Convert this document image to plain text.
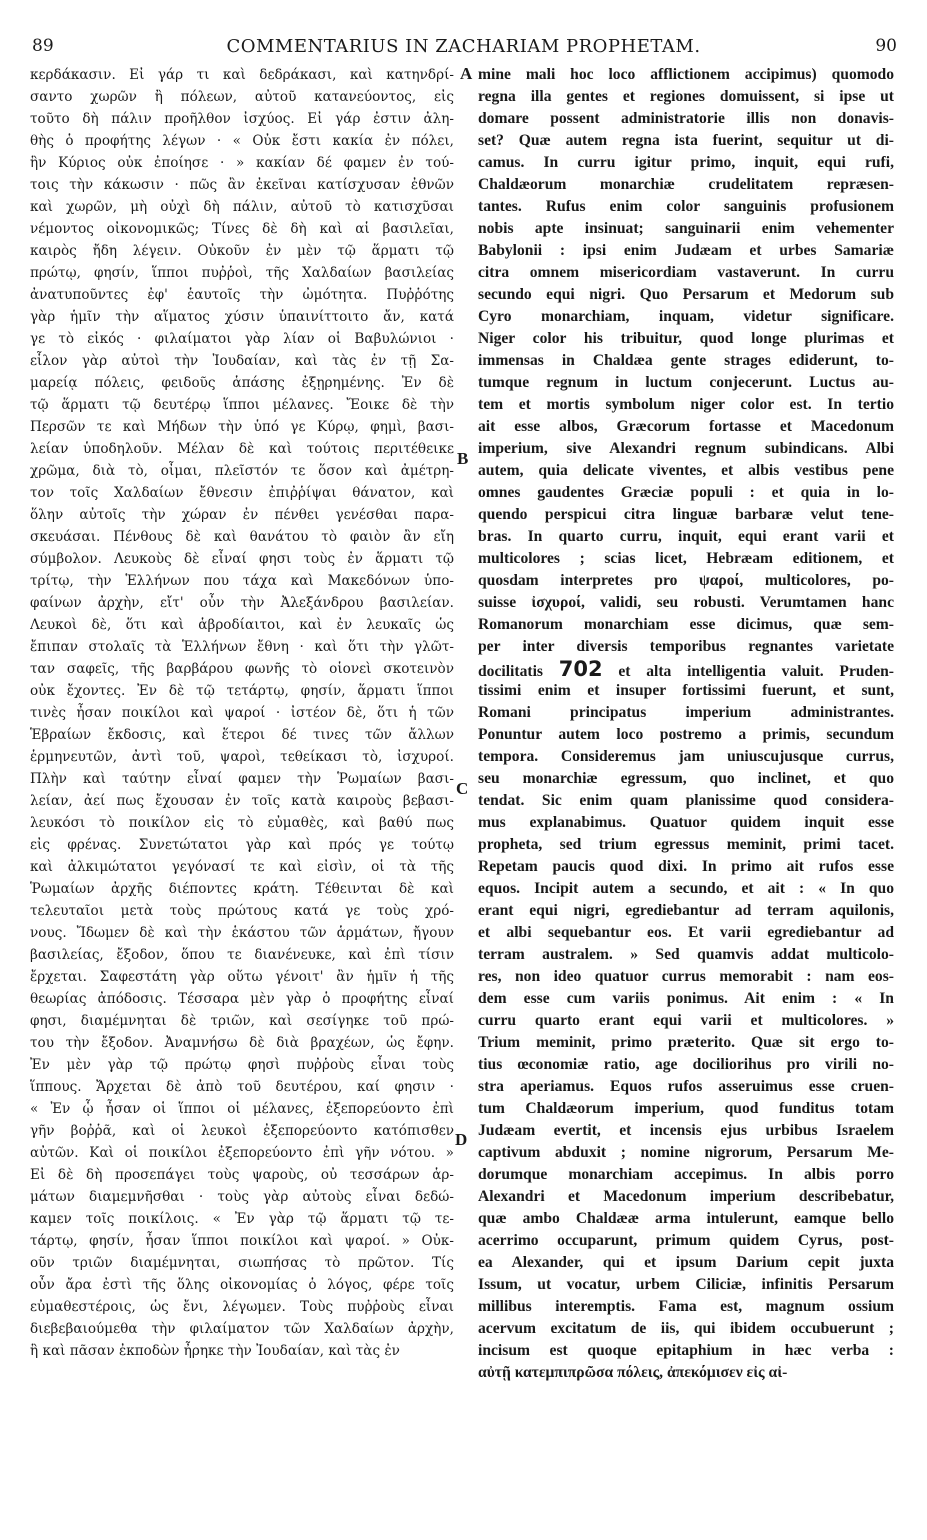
89	COMMENTARIUS IN ZACHARIAM PROPHETAM.	90
κερδάκασιν. Εἰ γάρ τι καὶ δεδράκασι, καὶ κατηνδρί-
σαντο χωρῶν ἢ πόλεων, αὐτοῦ κατανεύοντος, εἰς
τοῦτο δὴ πάλιν προῆλθον ἰσχύος. Εἰ γάρ ἐστιν ἀλη-
θὴς ὁ προφήτης λέγων · « Οὐκ ἔστι κακία ἐν πόλει,
ἣν Κύριος οὐκ ἐποίησε · » κακίαν δέ φαμεν ἐν τού-
τοις τὴν κάκωσιν · πῶς ἂν ἐκεῖναι κατίσχυσαν ἐθνῶν
καὶ χωρῶν, μὴ οὐχὶ δὴ πάλιν, αὐτοῦ τὸ κατισχῦσαι
νέμοντος οἰκονομικῶς; Τίνες δὲ δὴ καὶ αἱ βασιλεῖαι,
καιρὸς ἤδη λέγειν. Οὐκοῦν ἐν μὲν τῷ ἅρματι τῷ
πρώτῳ, φησίν, ἵπποι πυῤῥοὶ, τῆς Χαλδαίων βασιλείας
ἀνατυποῦντες ἐφ' ἑαυτοῖς τὴν ὠμότητα. Πυῤῥότης
γὰρ ἡμῖν τὴν αἵματος χύσιν ὑπαινίττοιτο ἄν, κατά
γε τὸ εἰκός · φιλαίματοι γὰρ λίαν οἱ Βαβυλώνιοι ·
εἷλον γὰρ αὐτοὶ τὴν Ἰουδαίαν, καὶ τὰς ἐν τῇ Σα-
μαρείᾳ πόλεις, φειδοῦς ἁπάσης ἐξῃρημένης. Ἐν δὲ
τῷ ἅρματι τῷ δευτέρῳ ἵπποι μέλανες. Ἔοικε δὲ τὴν
Περσῶν τε καὶ Μήδων τὴν ὑπό γε Κύρῳ, φημὶ, βασι-
λείαν ὑποδηλοῦν. Μέλαν δὲ καὶ τούτοις περιτέθεικε
χρῶμα, διὰ τὸ, οἶμαι, πλεῖστόν τε ὅσον καὶ ἀμέτρη-
τον τοῖς Χαλδαίων ἔθνεσιν ἐπιῤῥίψαι θάνατον, καὶ
ὅλην αὐτοῖς τὴν χώραν ἐν πένθει γενέσθαι παρα-
σκευάσαι. Πένθους δὲ καὶ θανάτου τὸ φαιὸν ἂν εἴη
σύμβολον. Λευκοὺς δὲ εἶναί φησι τοὺς ἐν ἅρματι τῷ
τρίτῳ, τὴν Ἑλλήνων που τάχα καὶ Μακεδόνων ὑπο-
φαίνων ἀρχὴν, εἴτ' οὖν τὴν Ἀλεξάνδρου βασιλείαν.
Λευκοὶ δὲ, ὅτι καὶ ἁβροδίαιτοι, καὶ ἐν λευκαῖς ὡς
ἔπιπαν στολαῖς τὰ Ἑλλήνων ἔθνη · καὶ ὅτι τὴν γλῶτ-
ταν σαφεῖς, τῆς βαρβάρου φωνῆς τὸ οἱονεὶ σκοτεινὸν
οὐκ ἔχοντες. Ἐν δὲ τῷ τετάρτῳ, φησίν, ἅρματι ἵπποι
τινὲς ἦσαν ποικίλοι καὶ ψαροί · ἰστέον δὲ, ὅτι ἡ τῶν
Ἑβραίων ἔκδοσις, καὶ ἕτεροι δέ τινες τῶν ἄλλων
ἑρμηνευτῶν, ἀντὶ τοῦ, ψαροὶ, τεθείκασι τὸ, ἰσχυροί.
Πλὴν καὶ ταύτην εἶναί φαμεν τὴν Ῥωμαίων βασι-
λείαν, ἀεί πως ἔχουσαν ἐν τοῖς κατὰ καιροὺς βεβασι-
λευκόσι τὸ ποικίλον εἰς τὸ εὐμαθὲς, καὶ βαθύ πως
εἰς φρένας. Συνετώτατοι γὰρ καὶ πρός γε τούτῳ
καὶ ἀλκιμώτατοι γεγόνασί τε καὶ εἰσὶν, οἱ τὰ τῆς
Ῥωμαίων ἀρχῆς διέποντες κράτη. Τέθεινται δὲ καὶ
τελευταῖοι μετὰ τοὺς πρώτους κατά γε τοὺς χρό-
νους. Ἴδωμεν δὲ καὶ τὴν ἑκάστου τῶν ἁρμάτων, ἤγουν
βασιλείας, ἔξοδον, ὅπου τε διανένευκε, καὶ ἐπὶ τίσιν
ἔρχεται. Σαφεστάτη γὰρ οὕτω γένοιτ' ἂν ἡμῖν ἡ τῆς
θεωρίας ἀπόδοσις. Τέσσαρα μὲν γὰρ ὁ προφήτης εἶναί
φησι, διαμέμνηται δὲ τριῶν, καὶ σεσίγηκε τοῦ πρώ-
του τὴν ἔξοδον. Ἀναμνήσω δὲ διὰ βραχέων, ὡς ἔφην.
Ἐν μὲν γὰρ τῷ πρώτῳ φησὶ πυῤῥοὺς εἶναι τοὺς
ἵππους. Ἄρχεται δὲ ἀπὸ τοῦ δευτέρου, καί φησιν ·
« Ἐν ᾧ ἦσαν οἱ ἵπποι οἱ μέλανες, ἐξεπορεύοντο ἐπὶ
γῆν βοῤῥᾶ, καὶ οἱ λευκοὶ ἐξεπορεύοντο κατόπισθεν
αὐτῶν. Καὶ οἱ ποικίλοι ἐξεπορεύοντο ἐπὶ γῆν νότου. »
Εἰ δὲ δὴ προσεπάγει τοὺς ψαροὺς, οὐ τεσσάρων ἁρ-
μάτων διαμεμνῆσθαι · τοὺς γὰρ αὐτοὺς εἶναι δεδώ-
καμεν τοῖς ποικίλοις. « Ἐν γὰρ τῷ ἅρματι τῷ τε-
τάρτῳ, φησίν, ἦσαν ἵπποι ποικίλοι καὶ ψαροί. » Οὐκ-
οῦν τριῶν διαμέμνηται, σιωπήσας τὸ πρῶτον. Τίς
οὖν ἄρα ἐστὶ τῆς ὅλης οἰκονομίας ὁ λόγος, φέρε τοῖς
εὐμαθεστέροις, ὡς ἔνι, λέγωμεν. Τοὺς πυῤῥοὺς εἶναι
διεβεβαιούμεθα τὴν φιλαίματον τῶν Χαλδαίων ἀρχὴν,
ἣ καὶ πᾶσαν ἐκποδὼν ἦρηκε τὴν Ἰουδαίαν, καὶ τὰς ἐν
mine mali hoc loco afflictionem accipimus) quomodo
regna illa gentes et regiones domuissent, si ipse ut
domare possent administratorie illis non donavis-
set? Quæ autem regna ista fuerint, sequitur ut di-
camus. In curru igitur primo, inquit, equi rufi,
Chaldæorum monarchiæ crudelitatem repræsen-
tantes. Rufus enim color sanguinis profusionem
nobis apte insinuat; sanguinarii enim vehementer
Babylonii : ipsi enim Judæam et urbes Samariæ
citra omnem misericordiam vastaverunt. In curru
secundo equi nigri. Quo Persarum et Medorum sub
Cyro monarchiam, inquam, videtur significare.
Niger color his tribuitur, quod longe plurimas et
immensas in Chaldæa gente strages ediderunt, to-
tumque regnum in luctum conjecerunt. Luctus au-
tem et mortis symbolum niger color est. In tertio
ait esse albos, Græcorum fortasse et Macedonum
imperium, sive Alexandri regnum subindicans. Albi
autem, quia delicate viventes, et albis vestibus pene
omnes gaudentes Græciæ populi : et quia in lo-
quendo perspicui citra linguæ barbaræ velut tene-
bras. In quarto curru, inquit, equi erant varii et
multicolores ; scias licet, Hebræam editionem, et
quosdam interpretes pro ψαροί, multicolores, po-
suisse ἰσχυροί, validi, seu robusti. Verumtamen hanc
Romanorum monarchiam esse dicimus, quæ sem-
per inter diversis temporibus regnantes varietate
docilitatis 702 et alta intelligentia valuit. Pruden-
tissimi enim et insuper fortissimi fuerunt, et sunt,
Romani principatus imperium administrantes.
Ponuntur autem loco postremo a primis, secundum
tempora. Consideremus jam uniuscujusque currus,
seu monarchiæ egressum, quo inclinet, et quo
tendat. Sic enim quam planissime quod considera-
mus explanabimus. Quatuor quidem inquit esse
propheta, sed trium egressus meminit, primi tacet.
Repetam paucis quod dixi. In primo ait rufos esse
equos. Incipit autem a secundo, et ait : « In quo
erant equi nigri, egrediebantur ad terram aquilonis,
et albi sequebantur eos. Et varii egrediebantur ad
terram australem. » Sed quamvis addat multicolo-
res, non ideo quatuor currus memorabit : nam eos-
dem esse cum variis ponimus. Ait enim : « In
curru quarto erant equi varii et multicolores. »
Trium meminit, primo præterito. Quæ sit ergo to-
tius œconomiæ ratio, age dociliorihus pro virili no-
stra aperiamus. Equos rufos asseruimus esse cruen-
tum Chaldæorum imperium, quod funditus totam
Judæam evertit, et incensis ejus urbibus Israelem
captivum abduxit ; nomine nigrorum, Persarum Me-
dorumque monarchiam accepimus. In albis porro
Alexandri et Macedonum imperium describebatur,
quæ ambo Chaldææ arma intulerunt, eamque bello
acerrimo occuparunt, primum quidem Cyrus, post-
ea Alexander, qui et ipsum Darium cepit juxta
Issum, ut vocatur, urbem Ciliciæ, infinitis Persarum
millibus interemptis. Fama est, magnum ossium
acervum excitatum de iis, qui ibidem occubuerunt ;
incisum est quoque epitaphium in hæc verba :
αὐτῇ κατεμπιπρῶσα πόλεις, ἀπεκόμισεν εἰς αἰ-
A
B
C
D
